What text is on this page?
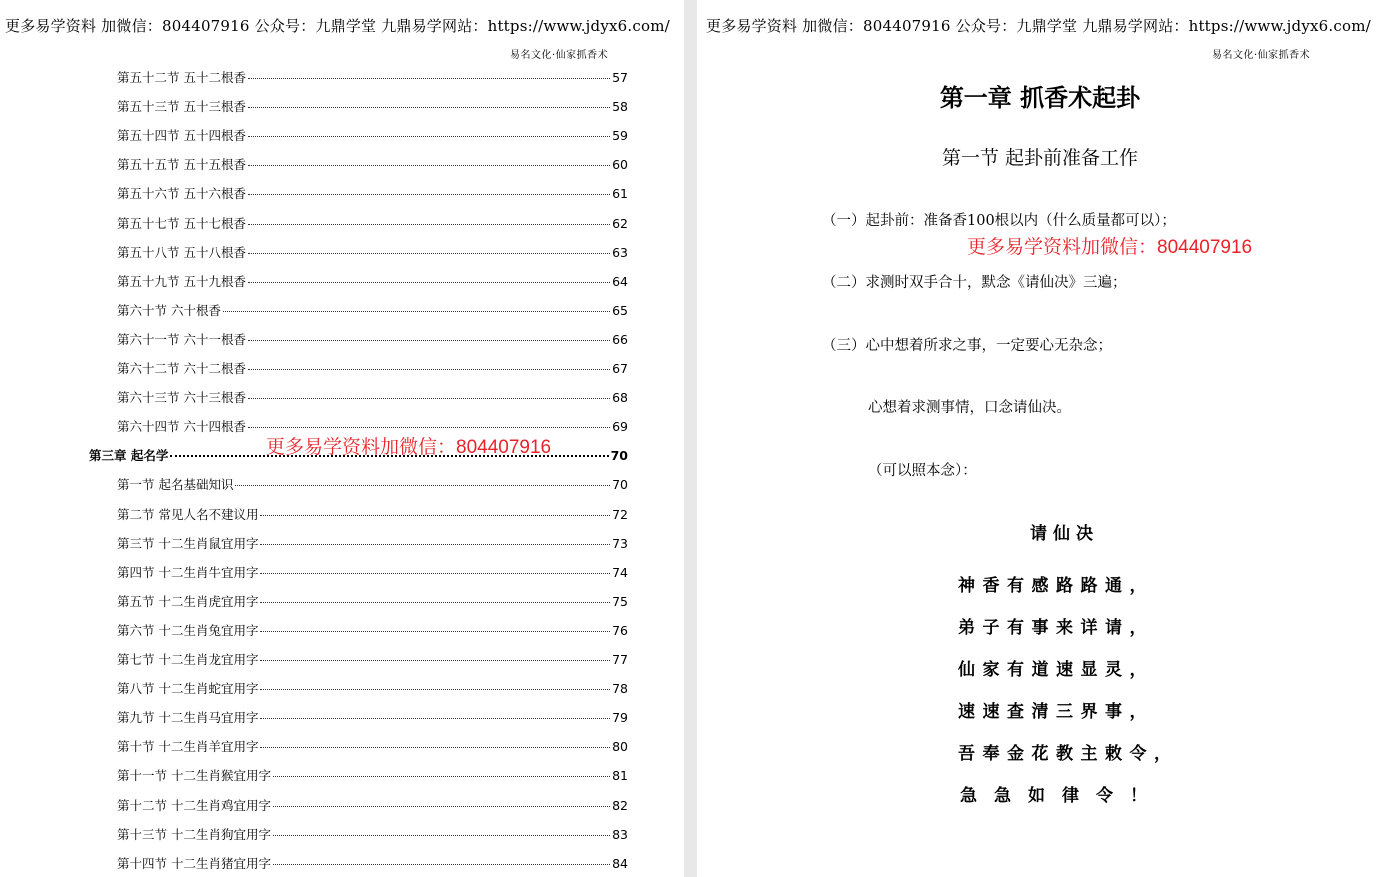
更多易学资料 加微信：804407916 公众号：九鼎学堂 九鼎易学网站：https://www.jdyx6.com/
易名文化·仙家抓香术
第五十二节 五十二根香	57
第五十三节 五十三根香	58
第五十四节 五十四根香	59
第五十五节 五十五根香	60
第五十六节 五十六根香	61
第五十七节 五十七根香	62
第五十八节 五十八根香	63
第五十九节 五十九根香	64
第六十节 六十根香	65
第六十一节 六十一根香	66
第六十二节 六十二根香	67
第六十三节 六十三根香	68
第六十四节 六十四根香	69
第三章 起名学	70
第一节 起名基础知识	70
第二节 常见人名不建议用	72
第三节 十二生肖鼠宜用字	73
第四节 十二生肖牛宜用字	74
第五节 十二生肖虎宜用字	75
第六节 十二生肖兔宜用字	76
第七节 十二生肖龙宜用字	77
第八节 十二生肖蛇宜用字	78
第九节 十二生肖马宜用字	79
第十节 十二生肖羊宜用字	80
第十一节 十二生肖猴宜用字	81
第十二节 十二生肖鸡宜用字	82
第十三节 十二生肖狗宜用字	83
第十四节 十二生肖猪宜用字	84
更多易学资料加微信：804407916
更多易学资料 加微信：804407916 公众号：九鼎学堂 九鼎易学网站：https://www.jdyx6.com/
易名文化·仙家抓香术
第一章 抓香术起卦
第一节 起卦前准备工作
（一）起卦前：准备香100根以内（什么质量都可以）；
更多易学资料加微信：804407916
（二）求测时双手合十，默念《请仙决》三遍；
（三）心中想着所求之事，一定要心无杂念；
心想着求测事情，口念请仙决。
（可以照本念）：
请仙决
神香有感路路通，
弟子有事来详请，
仙家有道速显灵，
速速查清三界事，
吾奉金花教主敕令，
急急如律令！
